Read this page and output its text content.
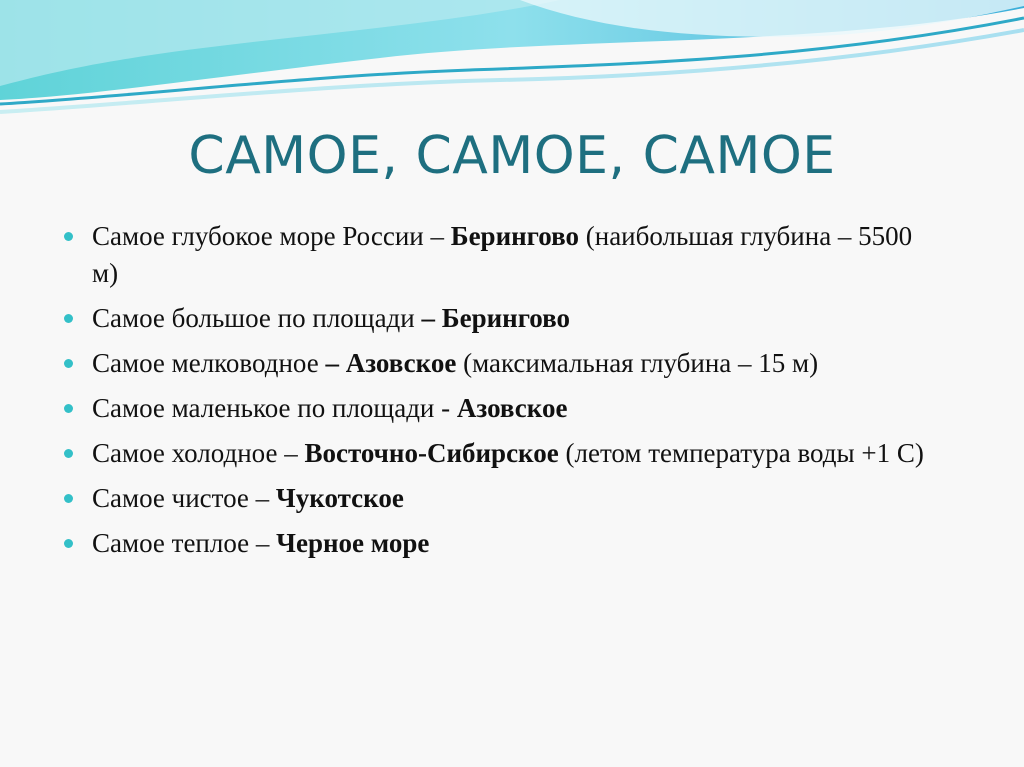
САМОЕ, САМОЕ, САМОЕ
Самое глубокое море России – Берингово (наибольшая глубина – 5500 м)
Самое большое по площади – Берингово
Самое мелководное – Азовское (максимальная глубина – 15 м)
Самое маленькое по площади - Азовское
Самое холодное – Восточно-Сибирское (летом температура воды +1 С)
Самое чистое – Чукотское
Самое теплое – Черное море
